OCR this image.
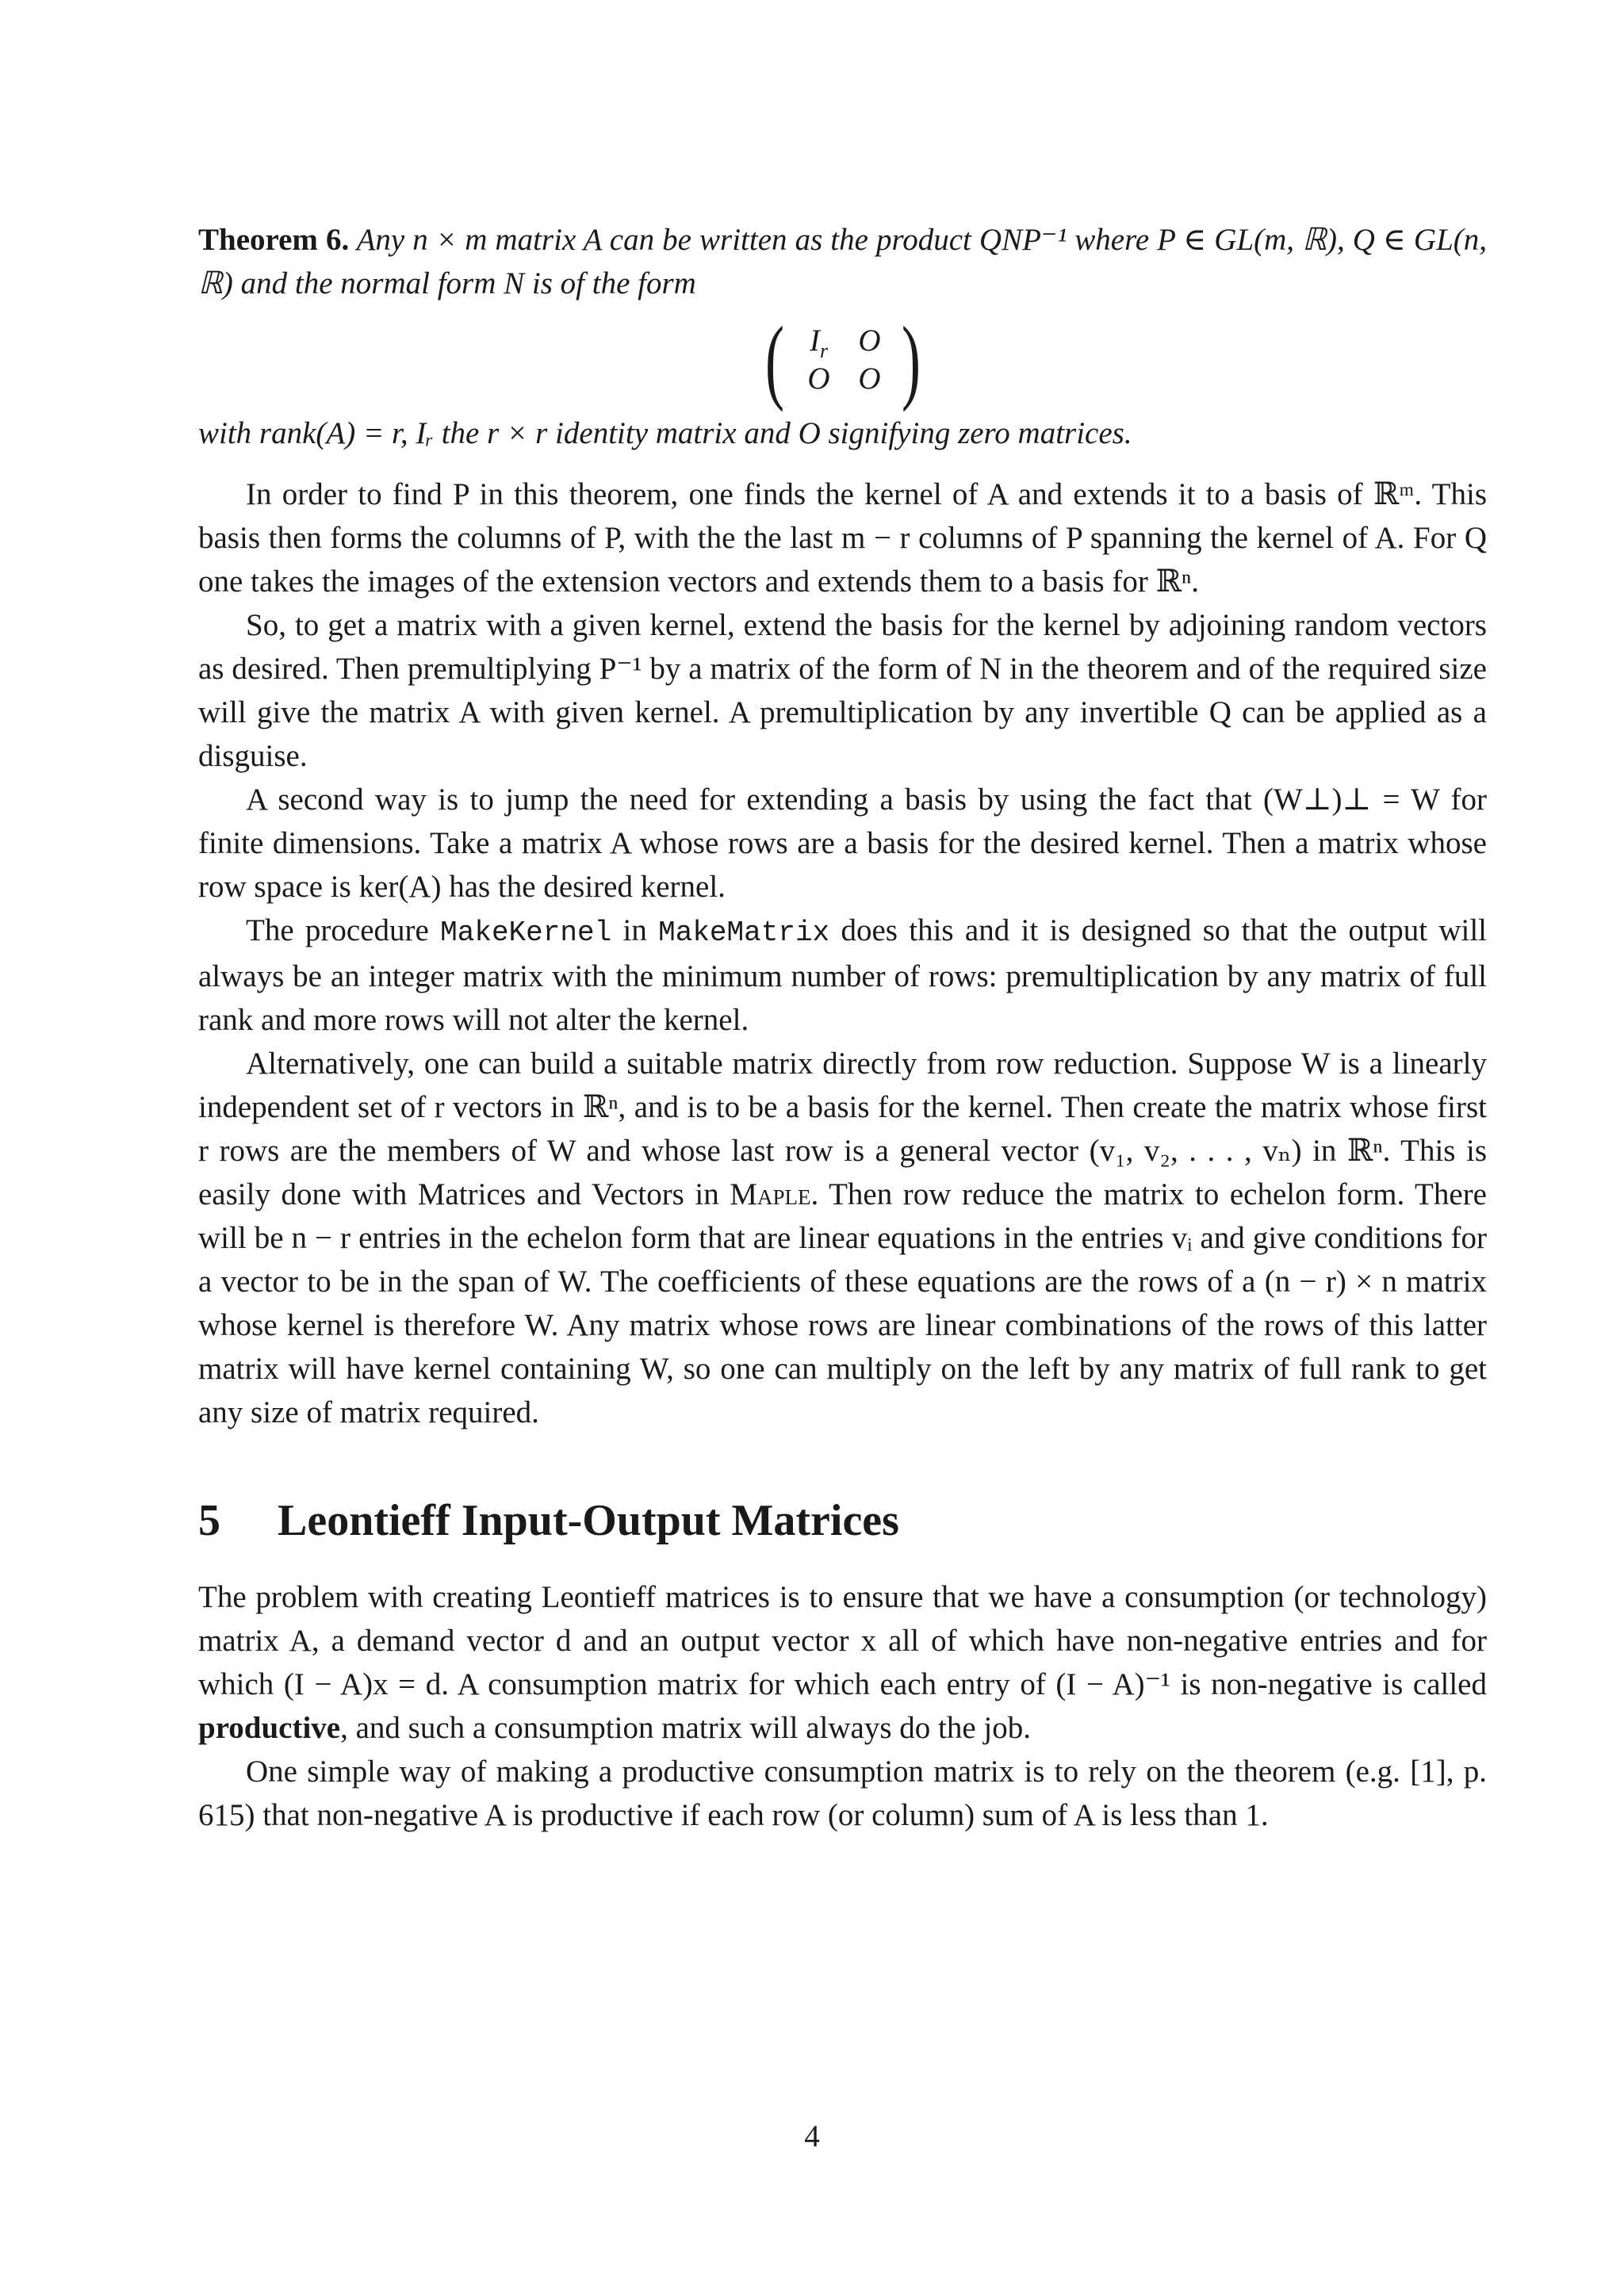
Theorem 6. Any n × m matrix A can be written as the product QNP⁻¹ where P ∈ GL(m, ℝ), Q ∈ GL(n, ℝ) and the normal form N is of the form

( $I_r$ O
O O )

with rank(A) = r, Iᵣ the r × r identity matrix and O signifying zero matrices.

In order to find P in this theorem, one finds the kernel of A and extends it to a basis of ℝᵐ. This basis then forms the columns of P, with the the last m − r columns of P spanning the kernel of A. For Q one takes the images of the extension vectors and extends them to a basis for ℝⁿ.

So, to get a matrix with a given kernel, extend the basis for the kernel by adjoining random vectors as desired. Then premultiplying P⁻¹ by a matrix of the form of N in the theorem and of the required size will give the matrix A with given kernel. A premultiplication by any invertible Q can be applied as a disguise.

A second way is to jump the need for extending a basis by using the fact that (W⊥)⊥ = W for finite dimensions. Take a matrix A whose rows are a basis for the desired kernel. Then a matrix whose row space is ker(A) has the desired kernel.

The procedure MakeKernel in MakeMatrix does this and it is designed so that the output will always be an integer matrix with the minimum number of rows: premultiplication by any matrix of full rank and more rows will not alter the kernel.

Alternatively, one can build a suitable matrix directly from row reduction. Suppose W is a linearly independent set of r vectors in ℝⁿ, and is to be a basis for the kernel. Then create the matrix whose first r rows are the members of W and whose last row is a general vector (v₁, v₂, . . . , vₙ) in ℝⁿ. This is easily done with Matrices and Vectors in Maple. Then row reduce the matrix to echelon form. There will be n − r entries in the echelon form that are linear equations in the entries vᵢ and give conditions for a vector to be in the span of W. The coefficients of these equations are the rows of a (n − r) × n matrix whose kernel is therefore W. Any matrix whose rows are linear combinations of the rows of this latter matrix will have kernel containing W, so one can multiply on the left by any matrix of full rank to get any size of matrix required.

5	Leontieff Input-Output Matrices

The problem with creating Leontieff matrices is to ensure that we have a consumption (or technology) matrix A, a demand vector d and an output vector x all of which have non-negative entries and for which (I − A)x = d. A consumption matrix for which each entry of (I − A)⁻¹ is non-negative is called productive, and such a consumption matrix will always do the job.

One simple way of making a productive consumption matrix is to rely on the theorem (e.g. [1], p. 615) that non-negative A is productive if each row (or column) sum of A is less than 1.

4
